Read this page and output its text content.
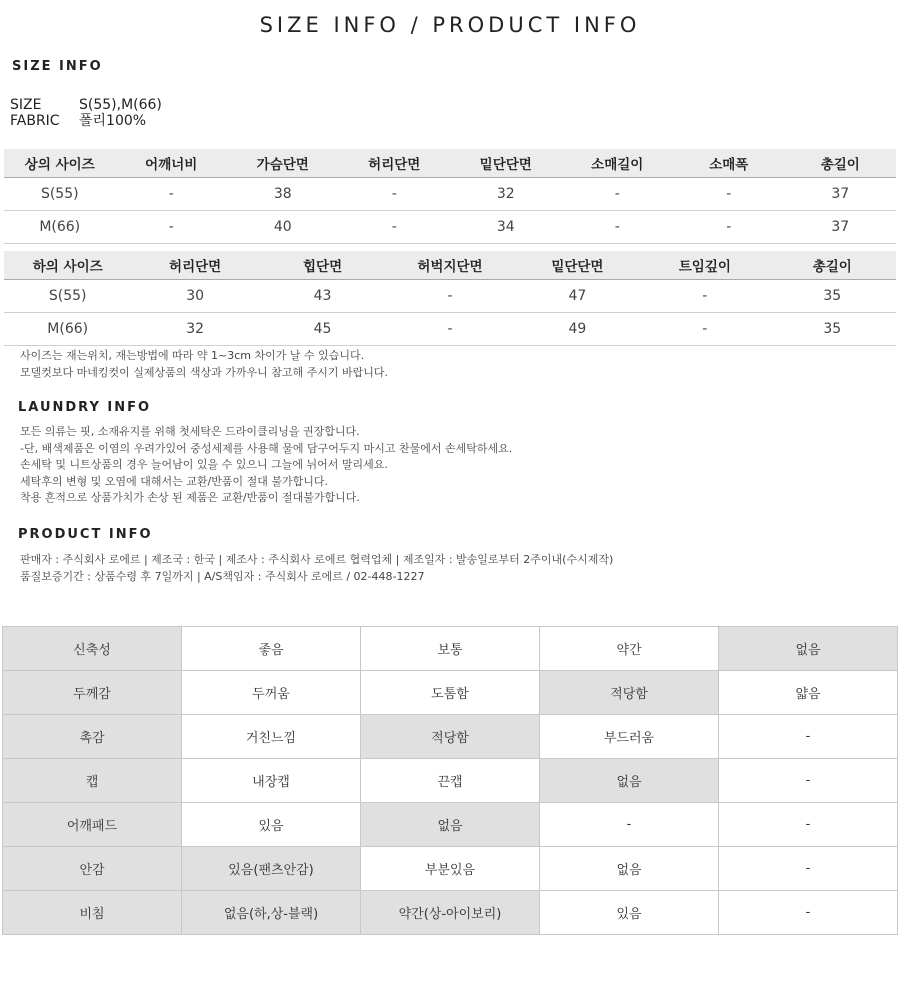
SIZE INFO / PRODUCT INFO
SIZE INFO
SIZE	S(55),M(66)
FABRIC 폴리100%
상의 사이즈	어깨너비	가슴단면	허리단면	밑단단면	소매길이	소매폭	총길이
S(55)	-	38	-	32	-	-	37
M(66)	-	40	-	34	-	-	37
하의 사이즈	허리단면	힙단면	허벅지단면	밑단단면	트임깊이	총길이
S(55)	30	43	-	47	-	35
M(66)	32	45	-	49	-	35
사이즈는 재는위치, 재는방법에 따라 약 1~3cm 차이가 날 수 있습니다.
모델컷보다 마네킹컷이 실제상품의 색상과 가까우니 참고해 주시기 바랍니다.
LAUNDRY INFO
모든 의류는 핏, 소재유지를 위해 첫세탁은 드라이클리닝을 권장합니다.
-단, 배색제품은 이염의 우려가있어 중성세제를 사용해 물에 담구어두지 마시고 찬물에서 손세탁하세요.
손세탁 및 니트상품의 경우 늘어남이 있을 수 있으니 그늘에 뉘어서 말리세요.
세탁후의 변형 및 오염에 대해서는 교환/반품이 절대 불가합니다.
착용 흔적으로 상품가치가 손상 된 제품은 교환/반품이 절대불가합니다.
PRODUCT INFO
판매자 : 주식회사 로에르 | 제조국 : 한국 | 제조사 : 주식회사 로에르 협력업체 | 제조일자 : 발송일로부터 2주이내(수시제작)
품질보증기간 : 상품수령 후 7일까지 | A/S책임자 : 주식회사 로에르 / 02-448-1227
신축성	좋음	보통	약간	없음
두께감	두꺼움	도톰함	적당함	얇음
촉감	거친느낌	적당함	부드러움	-
캡	내장캡	끈캡	없음	-
어깨패드	있음	없음	-	-
안감	있음(팬츠안감)	부분있음	없음	-
비침	없음(하,상-블랙)	약간(상-아이보리)	있음	-
